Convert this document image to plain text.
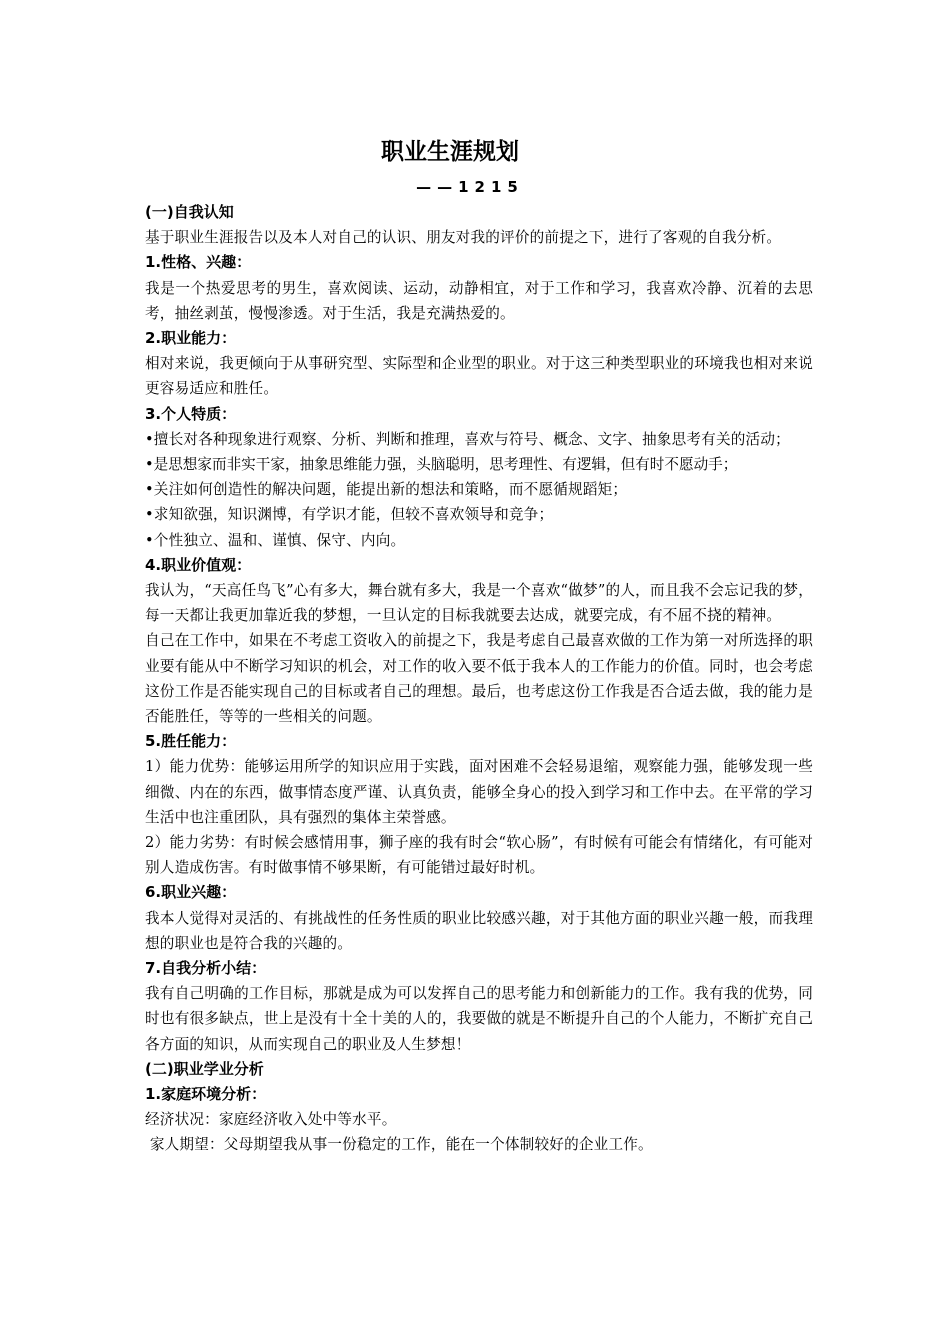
职业生涯规划
——1215
(一)自我认知
基于职业生涯报告以及本人对自己的认识、朋友对我的评价的前提之下，进行了客观的自我分析。
1.性格、兴趣：
我是一个热爱思考的男生，喜欢阅读、运动，动静相宜，对于工作和学习，我喜欢冷静、沉着的去思考，抽丝剥茧，慢慢渗透。对于生活，我是充满热爱的。
2.职业能力：
相对来说，我更倾向于从事研究型、实际型和企业型的职业。对于这三种类型职业的环境我也相对来说更容易适应和胜任。
3.个人特质：
•擅长对各种现象进行观察、分析、判断和推理，喜欢与符号、概念、文字、抽象思考有关的活动；
•是思想家而非实干家，抽象思维能力强，头脑聪明，思考理性、有逻辑，但有时不愿动手；
•关注如何创造性的解决问题，能提出新的想法和策略，而不愿循规蹈矩；
•求知欲强，知识渊博，有学识才能，但较不喜欢领导和竞争；
•个性独立、温和、谨慎、保守、内向。
4.职业价值观：
我认为，“天高任鸟飞”心有多大，舞台就有多大，我是一个喜欢“做梦”的人，而且我不会忘记我的梦，每一天都让我更加靠近我的梦想，一旦认定的目标我就要去达成，就要完成，有不屈不挠的精神。
自己在工作中，如果在不考虑工资收入的前提之下，我是考虑自己最喜欢做的工作为第一对所选择的职业要有能从中不断学习知识的机会，对工作的收入要不低于我本人的工作能力的价值。同时，也会考虑这份工作是否能实现自己的目标或者自己的理想。最后，也考虑这份工作我是否合适去做，我的能力是否能胜任，等等的一些相关的问题。
5.胜任能力：
1）能力优势：能够运用所学的知识应用于实践，面对困难不会轻易退缩，观察能力强，能够发现一些细微、内在的东西，做事情态度严谨、认真负责，能够全身心的投入到学习和工作中去。在平常的学习生活中也注重团队，具有强烈的集体主荣誉感。
2）能力劣势：有时候会感情用事，狮子座的我有时会“软心肠”，有时候有可能会有情绪化，有可能对别人造成伤害。有时做事情不够果断，有可能错过最好时机。
6.职业兴趣：
我本人觉得对灵活的、有挑战性的任务性质的职业比较感兴趣，对于其他方面的职业兴趣一般，而我理想的职业也是符合我的兴趣的。
7.自我分析小结：
我有自己明确的工作目标，那就是成为可以发挥自己的思考能力和创新能力的工作。我有我的优势，同时也有很多缺点，世上是没有十全十美的人的，我要做的就是不断提升自己的个人能力，不断扩充自己各方面的知识，从而实现自己的职业及人生梦想！
(二)职业学业分析
1.家庭环境分析：
经济状况：家庭经济收入处中等水平。
家人期望：父母期望我从事一份稳定的工作，能在一个体制较好的企业工作。
